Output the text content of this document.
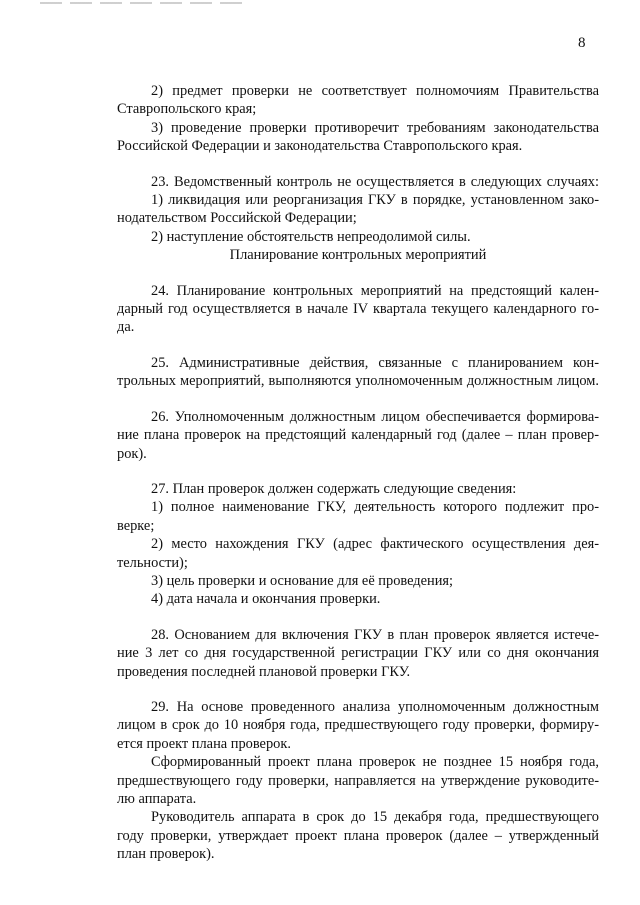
8

2) предмет проверки не соответствует полномочиям Правительства

Ставропольского края;

3) проведение проверки противоречит требованиям законодательства

Российской Федерации и законодательства Ставропольского края.

23. Ведомственный контроль не осуществляется в следующих случаях:

1) ликвидация или реорганизация ГКУ в порядке, установленном зако-

нодательством Российской Федерации;

2) наступление обстоятельств непреодолимой силы.

Планирование контрольных мероприятий

24. Планирование контрольных мероприятий на предстоящий кален-

дарный год осуществляется в начале IV квартала текущего календарного го-

да.

25. Административные действия, связанные с планированием кон-

трольных мероприятий, выполняются уполномоченным должностным лицом.

26. Уполномоченным должностным лицом обеспечивается формирова-

ние плана проверок на предстоящий календарный год (далее – план провер-

рок).

27. План проверок должен содержать следующие сведения:

1) полное наименование ГКУ, деятельность которого подлежит про-

верке;

2) место нахождения ГКУ (адрес фактического осуществления дея-

тельности);

3) цель проверки и основание для её проведения;

4) дата начала и окончания проверки.

28. Основанием для включения ГКУ в план проверок является истече-

ние 3 лет со дня государственной регистрации ГКУ или со дня окончания

проведения последней плановой проверки ГКУ.

29. На основе проведенного анализа уполномоченным должностным

лицом в срок до 10 ноября года, предшествующего году проверки, формиру-

ется проект плана проверок.

Сформированный проект плана проверок не позднее 15 ноября года,

предшествующего году проверки, направляется на утверждение руководите-

лю аппарата.

Руководитель аппарата в срок до 15 декабря года, предшествующего

году проверки, утверждает проект плана проверок (далее – утвержденный

план проверок).
